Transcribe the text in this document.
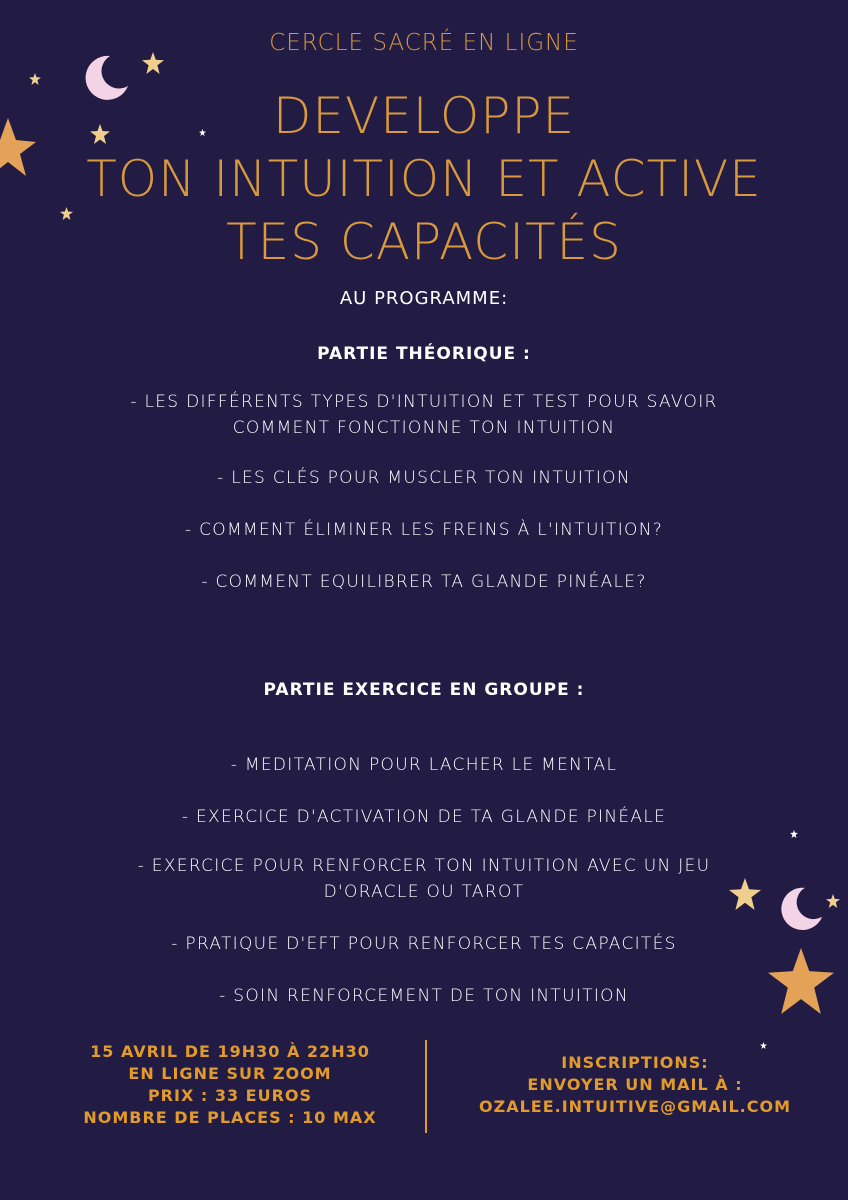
CERCLE SACRÉ EN LIGNE
DEVELOPPE
TON INTUITION ET ACTIVE
TES CAPACITÉS
AU PROGRAMME:
PARTIE THÉORIQUE :
- LES DIFFÉRENTS TYPES D'INTUITION ET TEST POUR SAVOIR COMMENT FONCTIONNE TON INTUITION
- LES CLÉS POUR MUSCLER TON INTUITION
- COMMENT ÉLIMINER LES FREINS À L'INTUITION?
- COMMENT EQUILIBRER TA GLANDE PINÉALE?
PARTIE EXERCICE EN GROUPE :
- MEDITATION POUR LACHER LE MENTAL
- EXERCICE D'ACTIVATION DE TA GLANDE PINÉALE
- EXERCICE POUR RENFORCER TON INTUITION AVEC UN JEU D'ORACLE OU TAROT
- PRATIQUE D'EFT POUR RENFORCER TES CAPACITÉS
- SOIN RENFORCEMENT DE TON INTUITION
15 AVRIL DE 19H30 À 22H30
EN LIGNE SUR ZOOM
PRIX : 33 EUROS
NOMBRE DE PLACES : 10 MAX
INSCRIPTIONS:
ENVOYER UN MAIL À :
OZALEE.INTUITIVE@GMAIL.COM
